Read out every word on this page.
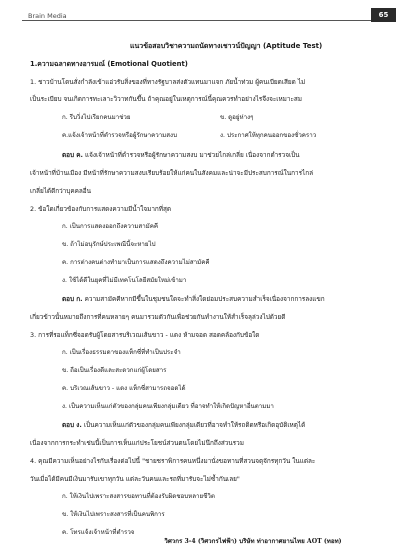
Brain Media	65
แนวข้อสอบวิชาความถนัดทางเชาวน์ปัญญา (Aptitude Test)
1.ความฉลาดทางอารมณ์ (Emotional Quotient)
1. ชาวบ้านโดนสั่งกำลังเข้าแอ่วรับสิ่งของที่ทางรัฐบาลส่งตัวแทนมาแจก ภัยน้ำท่วม ผู้คนเบียดเสียด ไม่
เป็นระเบียบ จนเกิดการทะเลาะวิวาทกันขึ้น ถ้าคุณอยู่ในเหตุการณ์นี้คุณควรทำอย่างไรจึงจะเหมาะสม
ก. รีบวิ่งไปเรียกคนมาช่วย	ข. ดูอยู่ห่างๆ
ค.แจ้งเจ้าหน้าที่ตำรวจหรือผู้รักษาความสงบ	ง. ประกาศให้ทุกคนออกของชั่วคราว
ตอบ ค. แจ้งเจ้าหน้าที่ตำรวจหรือผู้รักษาความสงบ มาช่วยไกล่เกลี่ย เนื่องจากตำรวจเป็น
เจ้าหน้าที่บ้านเมือง มีหน้าที่รักษาความสงบเรียบร้อยให้แก่คนในสังคมและน่าจะมีประสบการณ์ในการไกล่
เกลี่ยได้ดีกว่าบุคคลอื่น
2. ข้อใดเกี่ยวข้องกับการแสดงความมีน้ำใจมากที่สุด
ก. เป็นการแสดงออกถึงความสามัคคี
ข. ถ้าไม่อนุรักษ์ประเพณีนี้จะหายไป
ค. การต่างคนต่างทำมาเป็นการแสดงถึงความไม่สามัคคี
ง. ใช้ได้ดีในยุคที่ไม่มีเทคโนโลยีสมัยใหม่เข้ามา
ตอบ ก. ความสามัคคีหากมีขึ้นในชุมชนใดจะทำสิ่งใดย่อมประสบความสำเร็จเนื่องจากการลงแขก
เกี่ยวข้าวนั้นหมายถึงการที่คนหลายๆ คนมารวมตัวกันเพื่อช่วยกันทำงานให้สำเร็จลุล่วงไปด้วยดี
3. การที่รอแท็กซี่จอดรับผู้โดยสารบริเวณเส้นขาว - แดง ห้ามจอด สอดคล้องกับข้อใด
ก. เป็นเรื่องธรรมดาของแท็กซี่ที่ทำเป็นประจำ
ข. ถือเป็นเรื่องดีและสะดวกแก่ผู้โดยสาร
ค. บริเวณเส้นขาว - แดง แท็กซี่สามารถจอดได้
ง. เป็นความเห็นแก่ตัวของกลุ่มคนเพียงกลุ่มเดียว ที่อาจทำให้เกิดปัญหาอื่นตามมา
ตอบ ง. เป็นความเห็นแก่ตัวของกลุ่มคนเพียงกลุ่มเดียวที่อาจทำให้รถติดหรือเกิดอุบัติเหตุได้
เนื่องจากการกระทำเช่นนี้เป็นการเห็นแก่ประโยชน์ส่วนตนโดยไม่นึกถึงส่วนรวม
4. คุณมีความเห็นอย่างไรกับเรื่องต่อไปนี้ "ชายชราพิการคนหนึ่งมานั่งขอทานที่สวนจตุจักรทุกวัน ในแต่ละ
วันเมื่อได้มีคนมีเงินมารับเขาทุกวัน แต่ละวันคนและรถที่มารับจะไม่ซ้ำกันเลย"
ก. ให้เงินไปเพราะสงสารขอทานที่ต้องรับผิดชอบหลายชีวิต
ข. ให้เงินไปเพราะสงสารที่เป็นคนพิการ
ค. โทรแจ้งเจ้าหน้าที่ตำรวจ
วิศวกร 3-4 (วิศวกรไฟฟ้า) บริษัท ท่าอากาศยานไทย AOT (ทอท)
